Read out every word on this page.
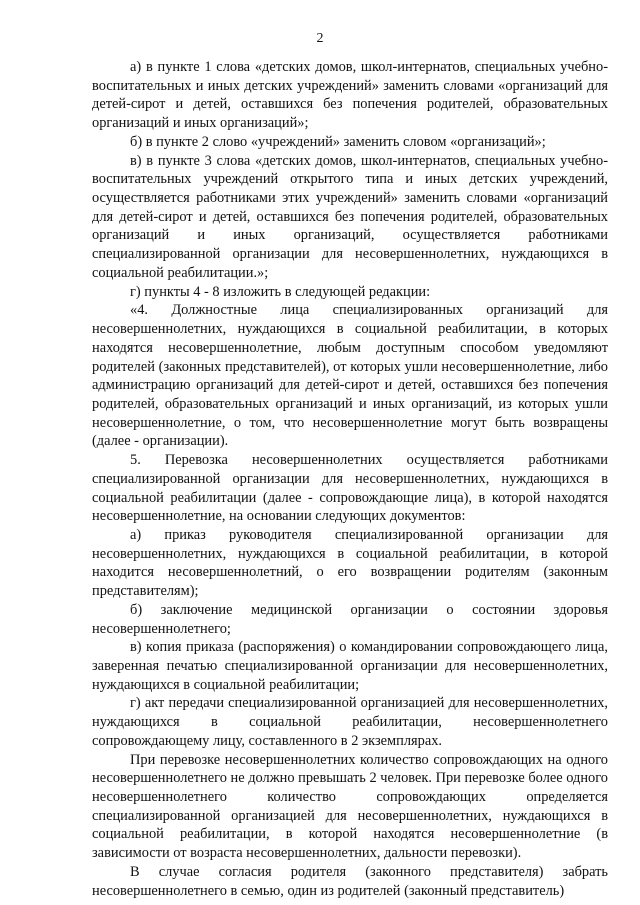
2

а) в пункте 1 слова «детских домов, школ-интернатов, специальных учебно-воспитательных и иных детских учреждений» заменить словами «организаций для детей-сирот и детей, оставшихся без попечения родителей, образовательных организаций и иных организаций»;

б) в пункте 2 слово «учреждений» заменить словом «организаций»;

в) в пункте 3 слова «детских домов, школ-интернатов, специальных учебно-воспитательных учреждений открытого типа и иных детских учреждений, осуществляется работниками этих учреждений» заменить словами «организаций для детей-сирот и детей, оставшихся без попечения родителей, образовательных организаций и иных организаций, осуществляется работниками специализированной организации для несовершеннолетних, нуждающихся в социальной реабилитации.»;

г) пункты 4 - 8 изложить в следующей редакции:

«4. Должностные лица специализированных организаций для несовершеннолетних, нуждающихся в социальной реабилитации, в которых находятся несовершеннолетние, любым доступным способом уведомляют родителей (законных представителей), от которых ушли несовершеннолетние, либо администрацию организаций для детей-сирот и детей, оставшихся без попечения родителей, образовательных организаций и иных организаций, из которых ушли несовершеннолетние, о том, что несовершеннолетние могут быть возвращены (далее - организации).

5. Перевозка несовершеннолетних осуществляется работниками специализированной организации для несовершеннолетних, нуждающихся в социальной реабилитации (далее - сопровождающие лица), в которой находятся несовершеннолетние, на основании следующих документов:

а) приказ руководителя специализированной организации для несовершеннолетних, нуждающихся в социальной реабилитации, в которой находится несовершеннолетний, о его возвращении родителям (законным представителям);

б) заключение медицинской организации о состоянии здоровья несовершеннолетнего;

в) копия приказа (распоряжения) о командировании сопровождающего лица, заверенная печатью специализированной организации для несовершеннолетних, нуждающихся в социальной реабилитации;

г) акт передачи специализированной организацией для несовершеннолетних, нуждающихся в социальной реабилитации, несовершеннолетнего сопровождающему лицу, составленного в 2 экземплярах.

При перевозке несовершеннолетних количество сопровождающих на одного несовершеннолетнего не должно превышать 2 человек. При перевозке более одного несовершеннолетнего количество сопровождающих определяется специализированной организацией для несовершеннолетних, нуждающихся в социальной реабилитации, в которой находятся несовершеннолетние (в зависимости от возраста несовершеннолетних, дальности перевозки).

В случае согласия родителя (законного представителя) забрать несовершеннолетнего в семью, один из родителей (законный представитель)
